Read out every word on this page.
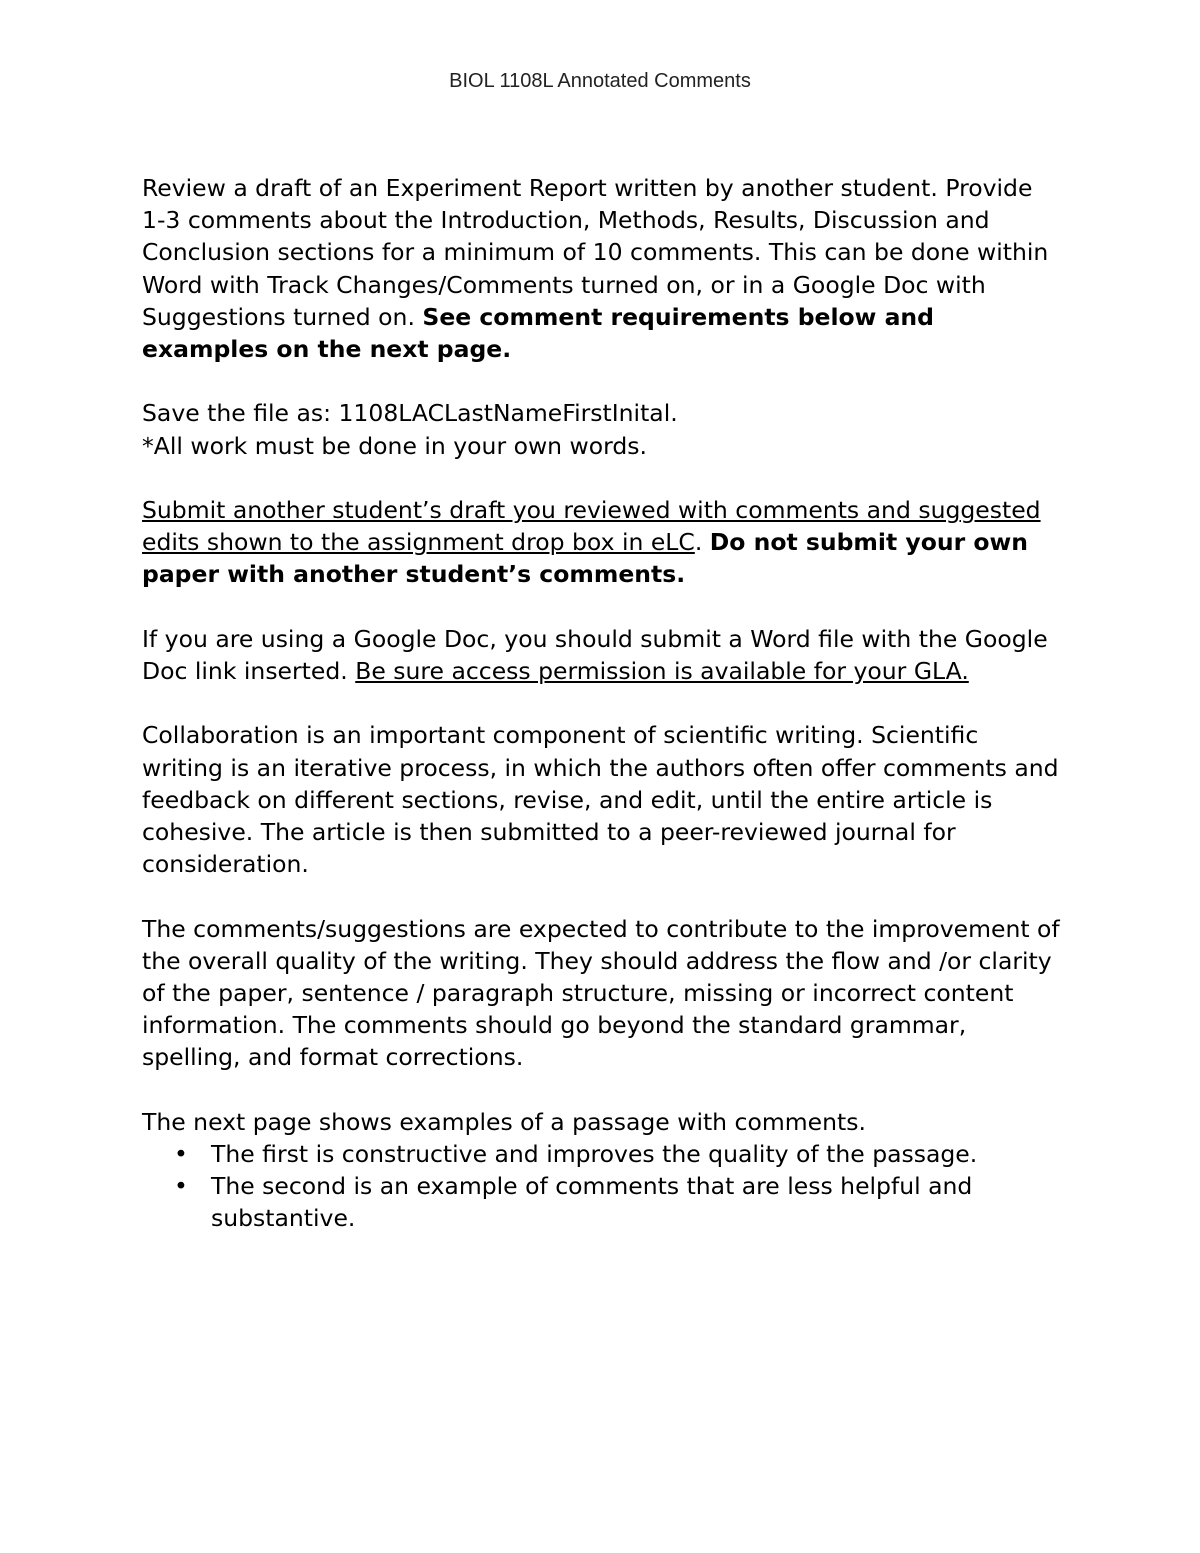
BIOL 1108L Annotated Comments

Review a draft of an Experiment Report written by another student. Provide 1-3 comments about the Introduction, Methods, Results, Discussion and Conclusion sections for a minimum of 10 comments. This can be done within Word with Track Changes/Comments turned on, or in a Google Doc with Suggestions turned on. See comment requirements below and examples on the next page.

Save the file as: 1108LACLastNameFirstInital.
*All work must be done in your own words.

Submit another student’s draft you reviewed with comments and suggested edits shown to the assignment drop box in eLC. Do not submit your own paper with another student’s comments.

If you are using a Google Doc, you should submit a Word file with the Google Doc link inserted. Be sure access permission is available for your GLA.

Collaboration is an important component of scientific writing. Scientific writing is an iterative process, in which the authors often offer comments and feedback on different sections, revise, and edit, until the entire article is cohesive. The article is then submitted to a peer-reviewed journal for consideration.

The comments/suggestions are expected to contribute to the improvement of the overall quality of the writing. They should address the flow and /or clarity of the paper, sentence / paragraph structure, missing or incorrect content information. The comments should go beyond the standard grammar, spelling, and format corrections.

The next page shows examples of a passage with comments.

• The first is constructive and improves the quality of the passage.
• The second is an example of comments that are less helpful and substantive.
